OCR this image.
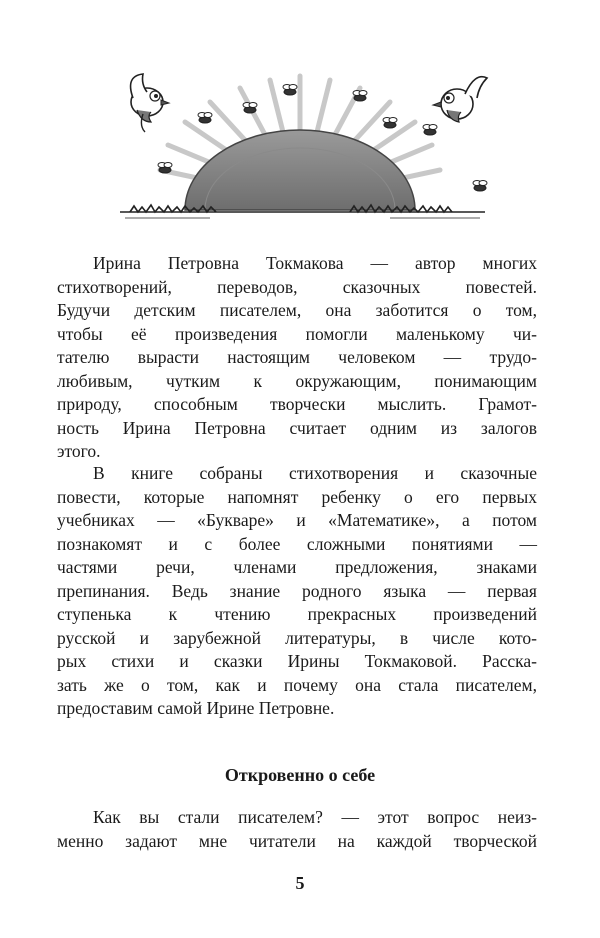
Ирина Петровна Токмакова — автор многих
стихотворений, переводов, сказочных повестей.
Будучи детским писателем, она заботится о том,
чтобы её произведения помогли маленькому чи-
тателю вырасти настоящим человеком — трудо-
любивым, чутким к окружающим, понимающим
природу, способным творчески мыслить. Грамот-
ность Ирина Петровна считает одним из залогов
этого.

В книге собраны стихотворения и сказочные
повести, которые напомнят ребенку о его первых
учебниках — «Букваре» и «Математике», а потом
познакомят и с более сложными понятиями —
частями речи, членами предложения, знаками
препинания. Ведь знание родного языка — первая
ступенька к чтению прекрасных произведений
русской и зарубежной литературы, в числе кото-
рых стихи и сказки Ирины Токмаковой. Расска-
зать же о том, как и почему она стала писателем,
предоставим самой Ирине Петровне.

Откровенно о себе

Как вы стали писателем? — этот вопрос неиз-
менно задают мне читатели на каждой творческой

5
